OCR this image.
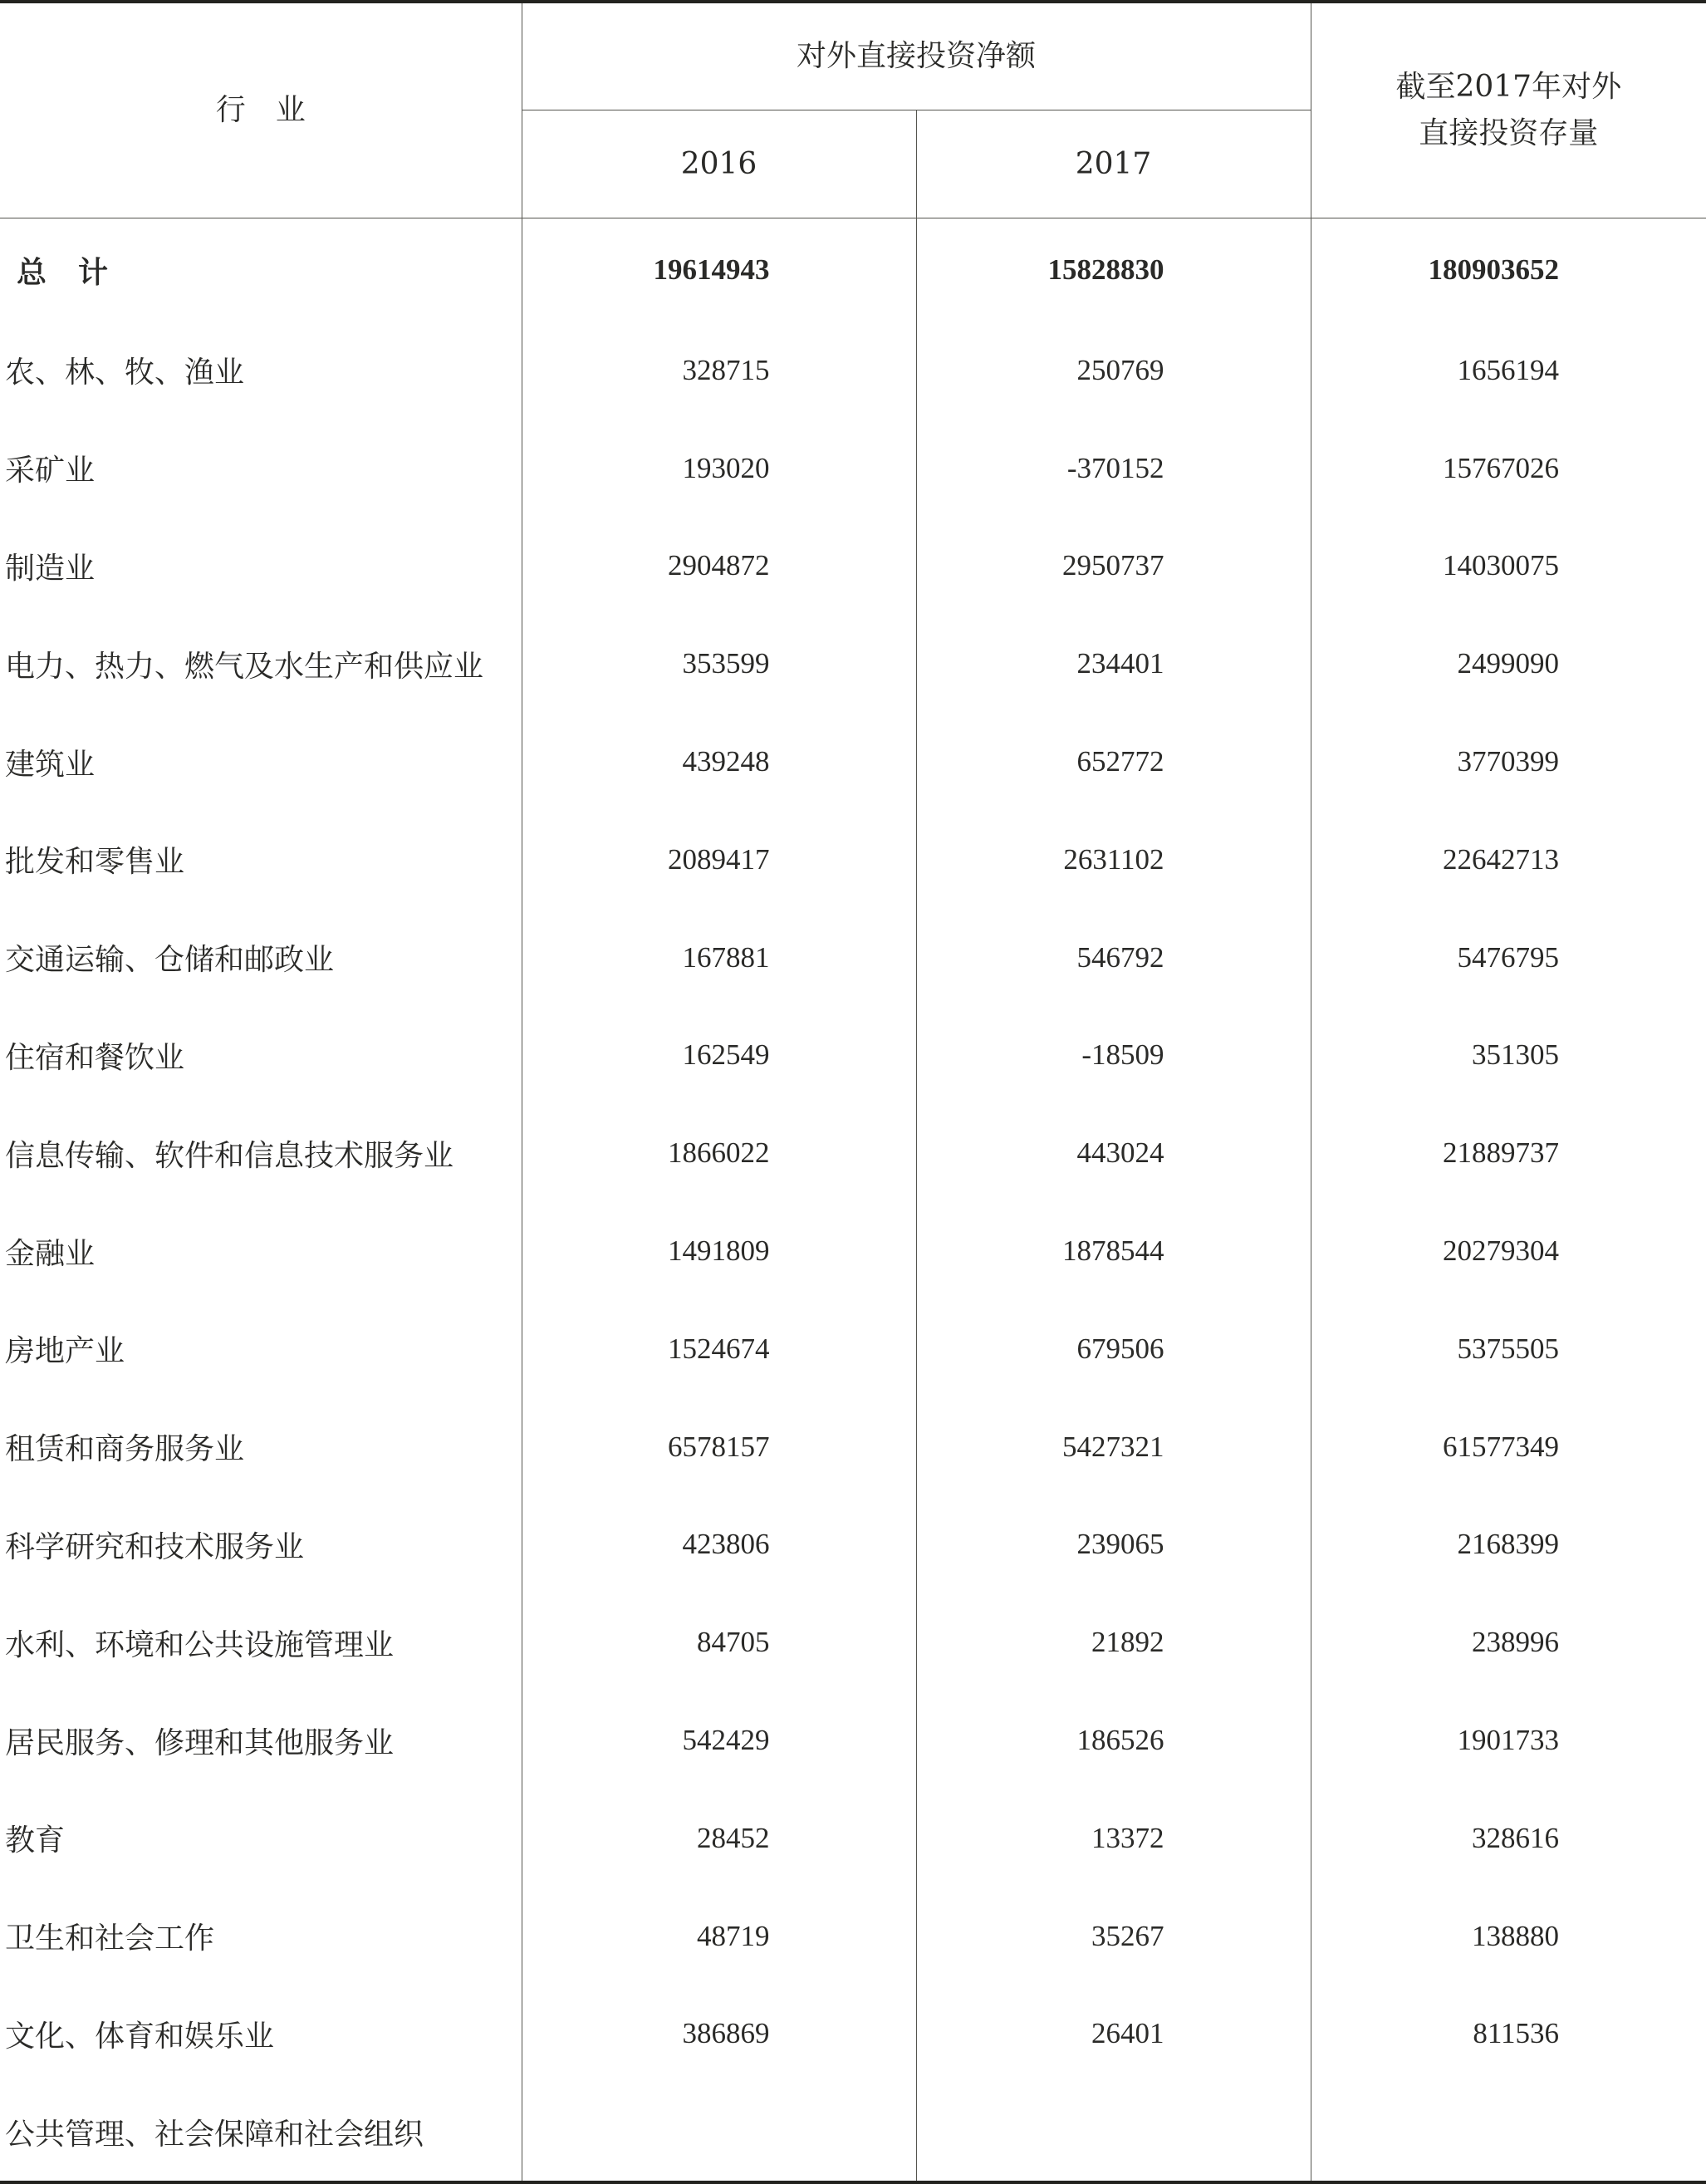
行　业	对外直接投资净额		截至2017年对外
直接投资存量

	2016	2017	
总计	19614943	15828830	180903652
农、林、牧、渔业	328715	250769	1656194
采矿业	193020	-370152	15767026
制造业	2904872	2950737	14030075
电力、热力、燃气及水生产和供应业	353599	234401	2499090
建筑业	439248	652772	3770399
批发和零售业	2089417	2631102	22642713
交通运输、仓储和邮政业	167881	546792	5476795
住宿和餐饮业	162549	-18509	351305
信息传输、软件和信息技术服务业	1866022	443024	21889737
金融业	1491809	1878544	20279304
房地产业	1524674	679506	5375505
租赁和商务服务业	6578157	5427321	61577349
科学研究和技术服务业	423806	239065	2168399
水利、环境和公共设施管理业	84705	21892	238996
居民服务、修理和其他服务业	542429	186526	1901733
教育	28452	13372	328616
卫生和社会工作	48719	35267	138880
文化、体育和娱乐业	386869	26401	811536
公共管理、社会保障和社会组织			
